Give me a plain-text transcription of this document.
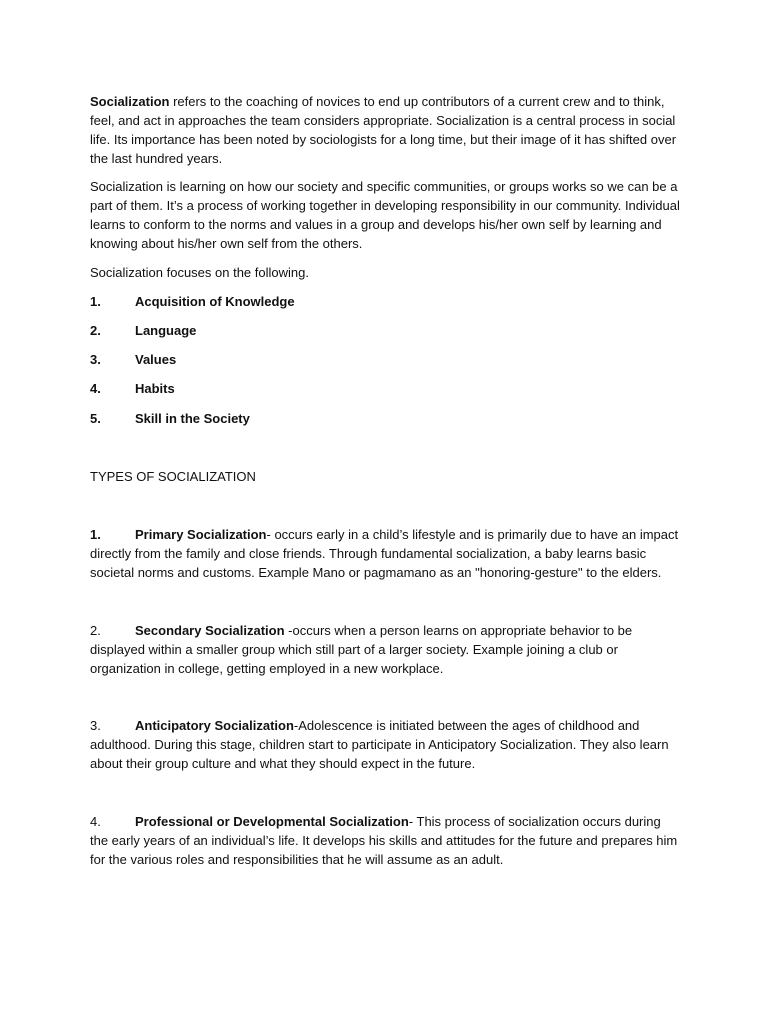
Socialization refers to the coaching of novices to end up contributors of a current crew and to think, feel, and act in approaches the team considers appropriate. Socialization is a central process in social life. Its importance has been noted by sociologists for a long time, but their image of it has shifted over the last hundred years.

Socialization is learning on how our society and specific communities, or groups works so we can be a part of them. It’s a process of working together in developing responsibility in our community. Individual learns to conform to the norms and values in a group and develops his/her own self by learning and knowing about his/her own self from the others.

Socialization focuses on the following.

1.	Acquisition of Knowledge
2.	Language
3.	Values
4.	Habits
5.	Skill in the Society

TYPES OF SOCIALIZATION

1.	Primary Socialization- occurs early in a child’s lifestyle and is primarily due to have an impact directly from the family and close friends. Through fundamental socialization, a baby learns basic societal norms and customs. Example Mano or pagmamano as an "honoring-gesture" to the elders.

2.	Secondary Socialization -occurs when a person learns on appropriate behavior to be displayed within a smaller group which still part of a larger society. Example joining a club or organization in college, getting employed in a new workplace.

3.	Anticipatory Socialization-Adolescence is initiated between the ages of childhood and adulthood. During this stage, children start to participate in Anticipatory Socialization. They also learn about their group culture and what they should expect in the future.

4.	Professional or Developmental Socialization- This process of socialization occurs during the early years of an individual’s life. It develops his skills and attitudes for the future and prepares him for the various roles and responsibilities that he will assume as an adult.
